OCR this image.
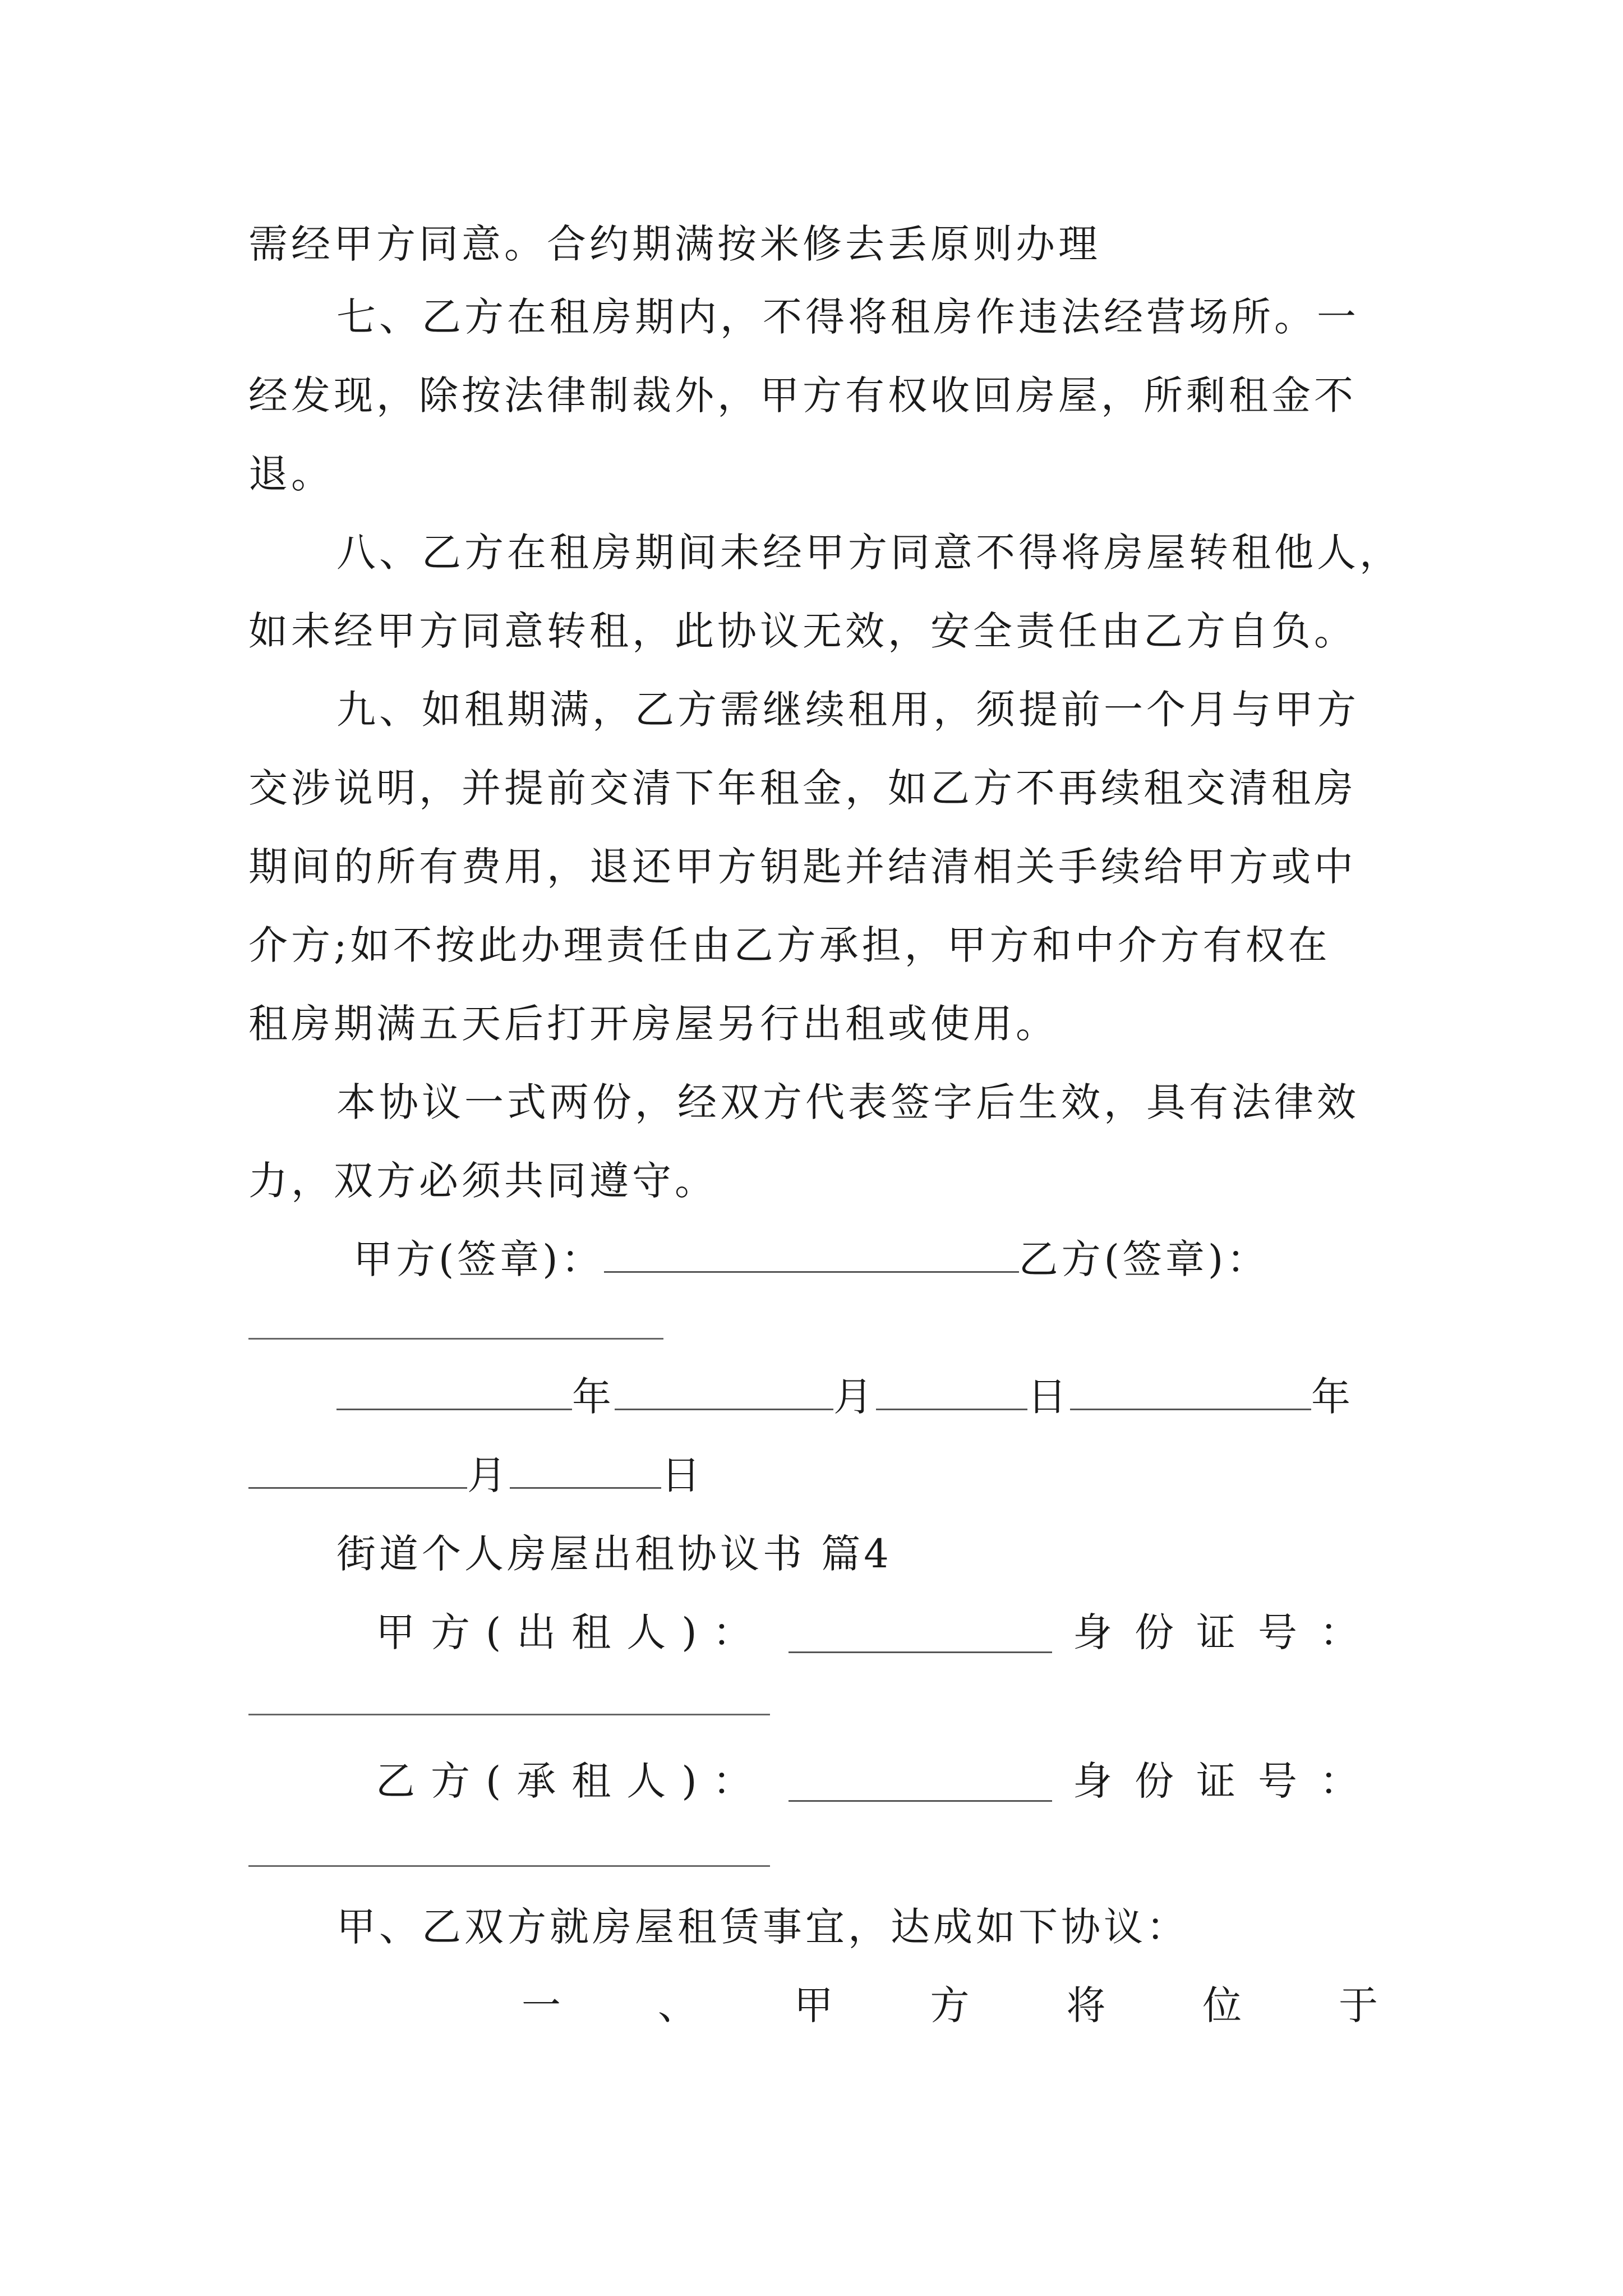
需经甲方同意。合约期满按米修去丢原则办理
七、乙方在租房期内，不得将租房作违法经营场所。一
经发现，除按法律制裁外，甲方有权收回房屋，所剩租金不
退。
八、乙方在租房期间未经甲方同意不得将房屋转租他人，
如未经甲方同意转租，此协议无效，安全责任由乙方自负。
九、如租期满，乙方需继续租用，须提前一个月与甲方
交涉说明，并提前交清下年租金，如乙方不再续租交清租房
期间的所有费用，退还甲方钥匙并结清相关手续给甲方或中
介方;如不按此办理责任由乙方承担，甲方和中介方有权在
租房期满五天后打开房屋另行出租或使用。
本协议一式两份，经双方代表签字后生效，具有法律效
力，双方必须共同遵守。
甲方(签章)：	乙方(签章)：
年	月	日	年
月	日
街道个人房屋出租协议书 篇4
甲方(出租人)：	身份证号：
乙方(承租人)：	身份证号：
甲、乙双方就房屋租赁事宜，达成如下协议：
一 、 甲 方 将 位 于
